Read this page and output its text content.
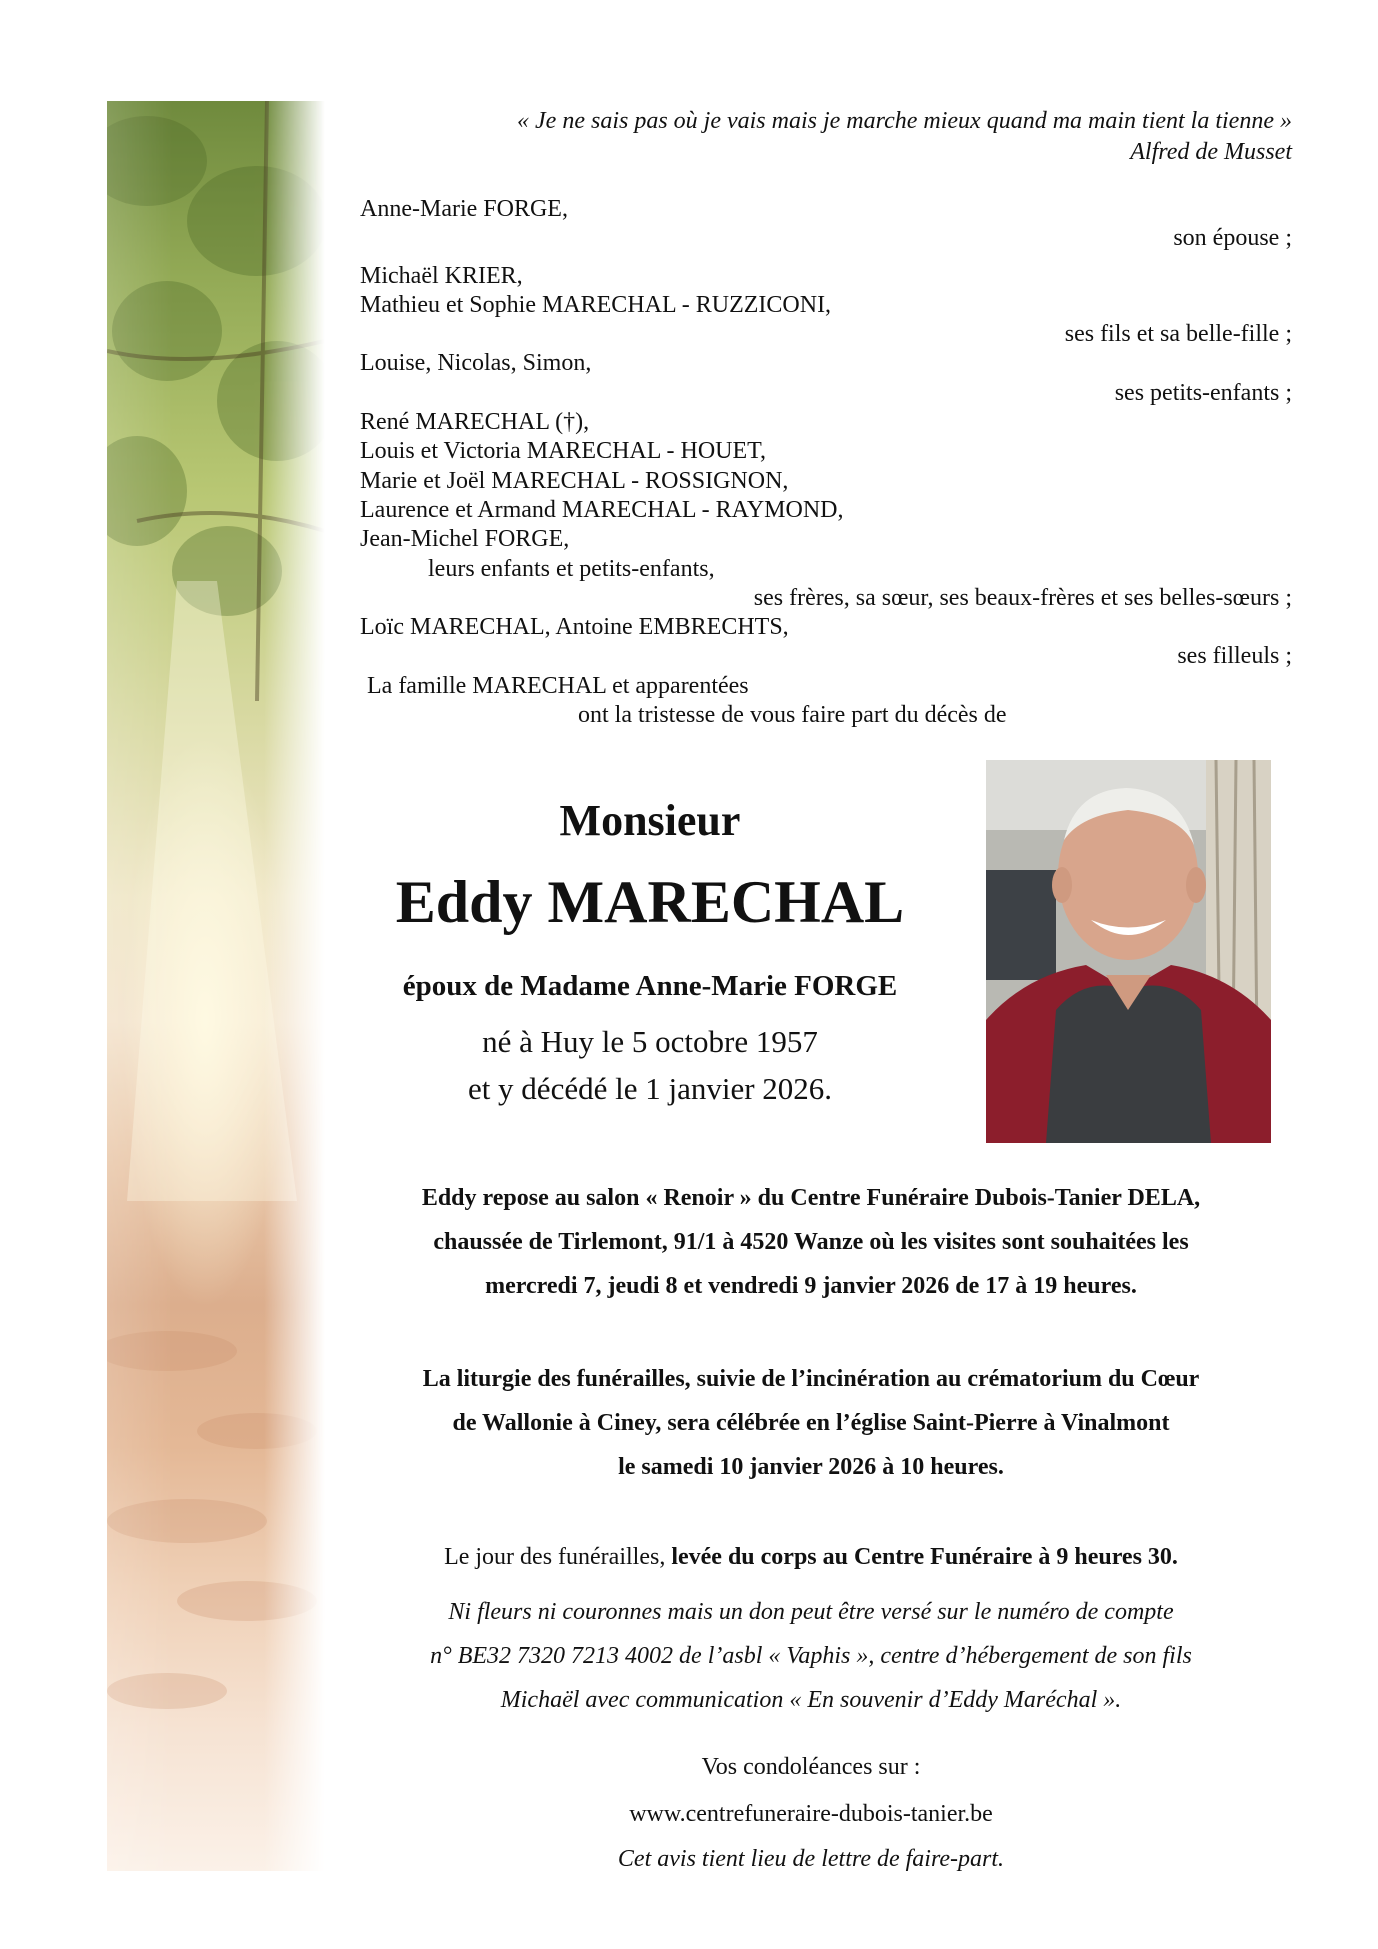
« Je ne sais pas où je vais mais je marche mieux quand ma main tient la tienne »
Alfred de Musset
Anne-Marie FORGE,
son épouse ;
Michaël KRIER,
Mathieu et Sophie MARECHAL - RUZZICONI,
ses fils et sa belle-fille ;
Louise, Nicolas, Simon,
ses petits-enfants ;
René MARECHAL (†),
Louis et Victoria MARECHAL - HOUET,
Marie et Joël MARECHAL - ROSSIGNON,
Laurence et Armand MARECHAL - RAYMOND,
Jean-Michel FORGE,
leurs enfants et petits-enfants,
ses frères, sa sœur, ses beaux-frères et ses belles-sœurs ;
Loïc MARECHAL, Antoine EMBRECHTS,
ses filleuls ;
La famille MARECHAL et apparentées
ont la tristesse de vous faire part du décès de
Monsieur
Eddy MARECHAL
époux de Madame Anne-Marie FORGE
né à Huy le 5 octobre 1957
et y décédé le 1 janvier 2026.
Eddy repose au salon « Renoir » du Centre Funéraire Dubois-Tanier DELA,
chaussée de Tirlemont, 91/1 à 4520 Wanze où les visites sont souhaitées les
mercredi 7, jeudi 8 et vendredi 9 janvier 2026 de 17 à 19 heures.
La liturgie des funérailles, suivie de l’incinération au crématorium du Cœur
de Wallonie à Ciney, sera célébrée en l’église Saint-Pierre à Vinalmont
le samedi 10 janvier 2026 à 10 heures.
Le jour des funérailles, levée du corps au Centre Funéraire à 9 heures 30.
Ni fleurs ni couronnes mais un don peut être versé sur le numéro de compte
n° BE32 7320 7213 4002 de l’asbl « Vaphis », centre d’hébergement de son fils
Michaël avec communication « En souvenir d’Eddy Maréchal ».
Vos condoléances sur :
www.centrefuneraire-dubois-tanier.be
Cet avis tient lieu de lettre de faire-part.
